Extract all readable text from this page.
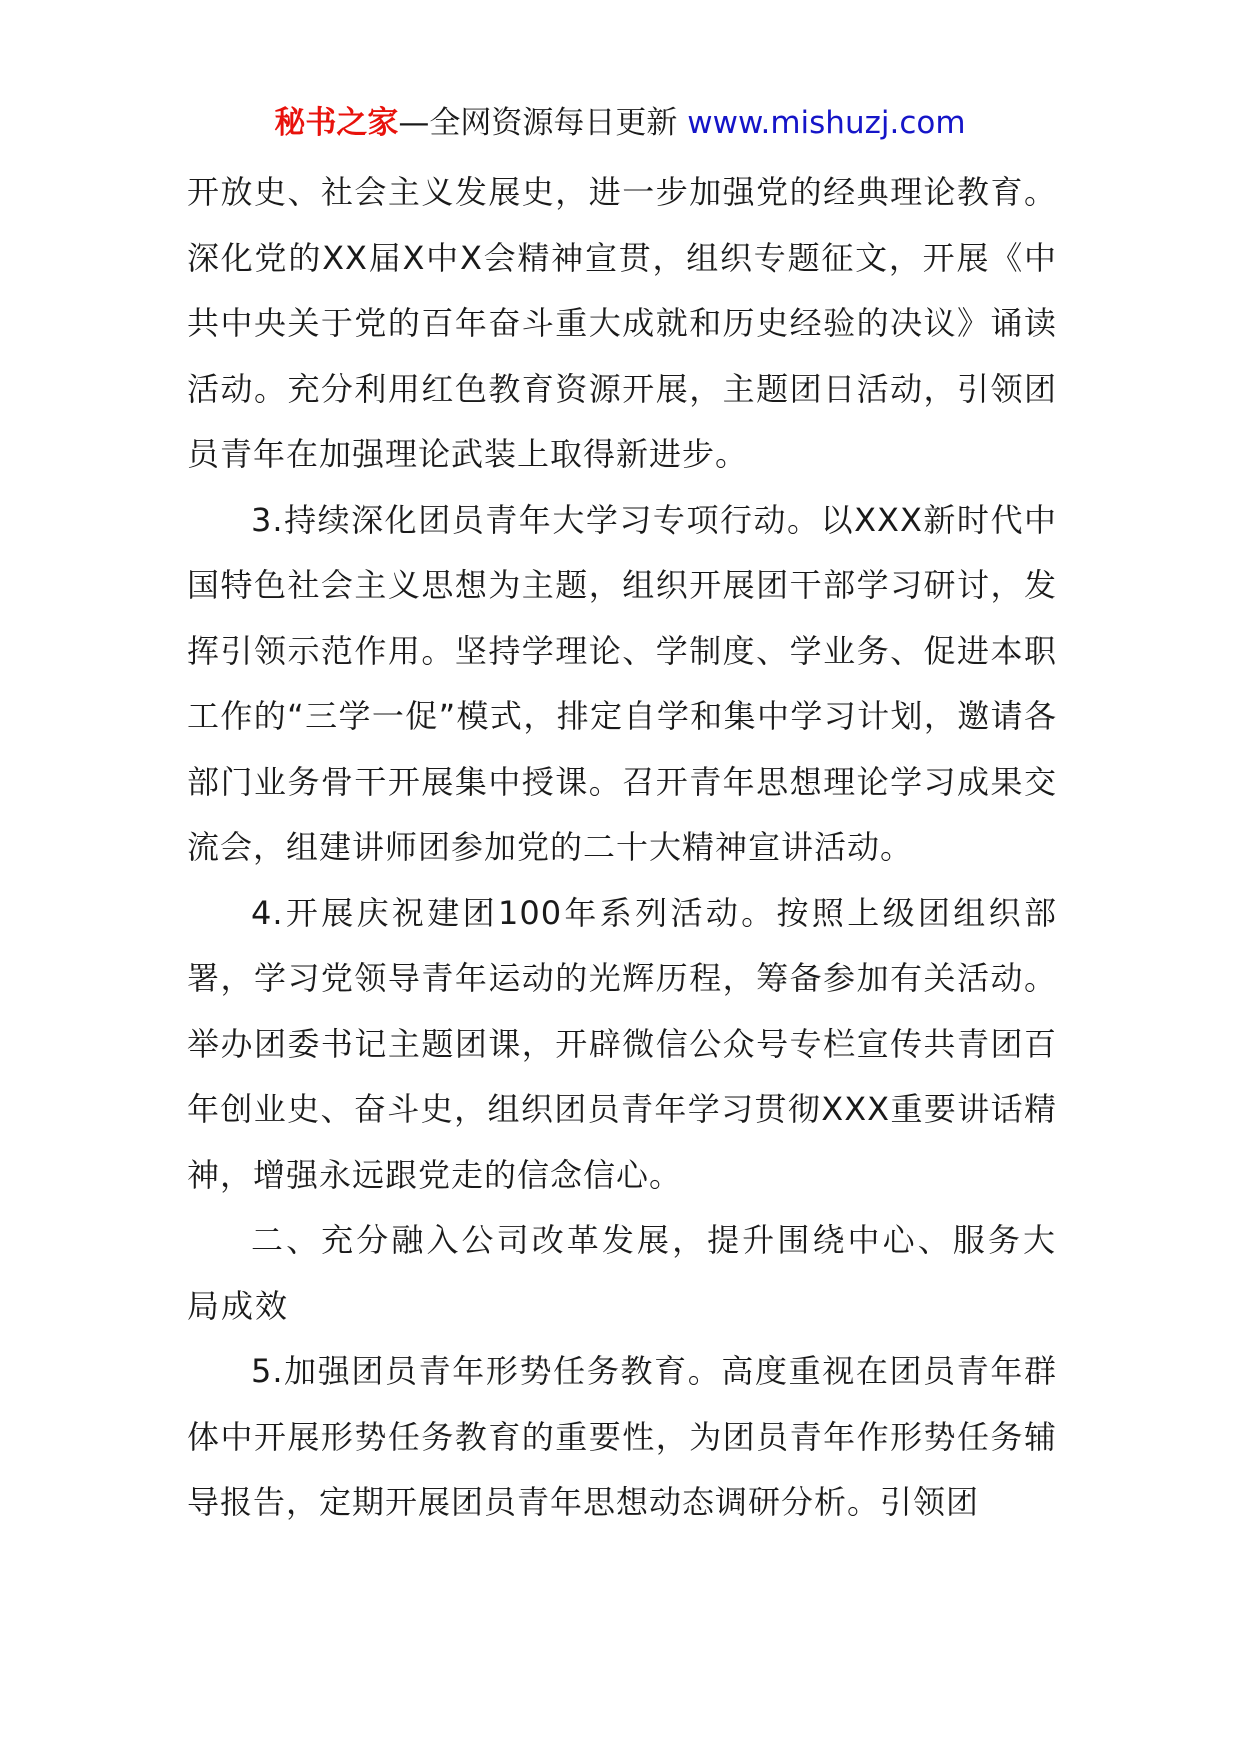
秘书之家—全网资源每日更新 www.mishuzj.com

开放史、社会主义发展史，进一步加强党的经典理论教育。深化党的XX届X中X会精神宣贯，组织专题征文，开展《中共中央关于党的百年奋斗重大成就和历史经验的决议》诵读活动。充分利用红色教育资源开展，主题团日活动，引领团员青年在加强理论武装上取得新进步。

3.持续深化团员青年大学习专项行动。以XXX新时代中国特色社会主义思想为主题，组织开展团干部学习研讨，发挥引领示范作用。坚持学理论、学制度、学业务、促进本职工作的“三学一促”模式，排定自学和集中学习计划，邀请各部门业务骨干开展集中授课。召开青年思想理论学习成果交流会，组建讲师团参加党的二十大精神宣讲活动。

4.开展庆祝建团100年系列活动。按照上级团组织部署，学习党领导青年运动的光辉历程，筹备参加有关活动。举办团委书记主题团课，开辟微信公众号专栏宣传共青团百年创业史、奋斗史，组织团员青年学习贯彻XXX重要讲话精神，增强永远跟党走的信念信心。

二、充分融入公司改革发展，提升围绕中心、服务大局成效

5.加强团员青年形势任务教育。高度重视在团员青年群体中开展形势任务教育的重要性，为团员青年作形势任务辅导报告，定期开展团员青年思想动态调研分析。引领团
